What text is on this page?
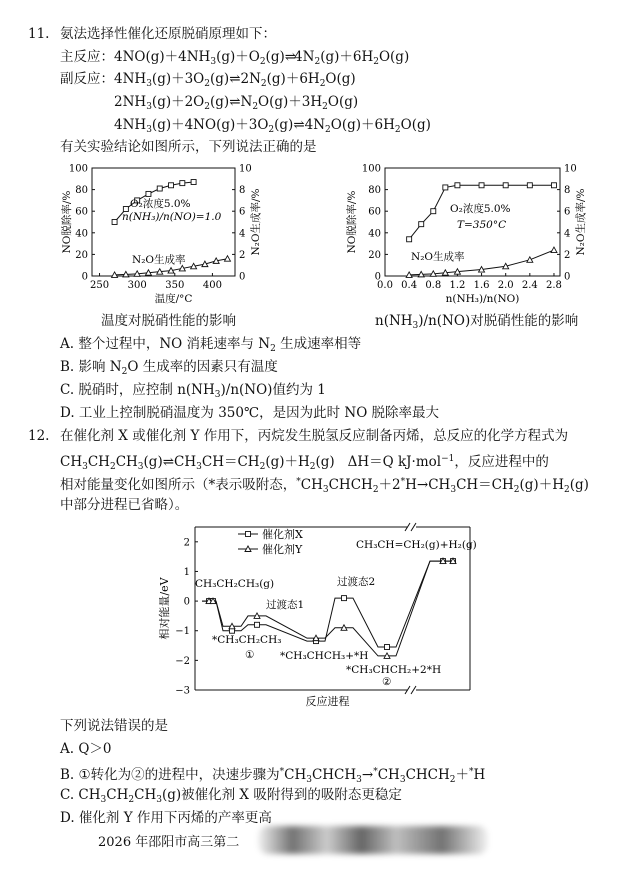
11. 氨法选择性催化还原脱硝原理如下：
主反应：$4NO(g)+4NH_3(g)+O_2(g)\rightleftharpoons 4N_2(g)+6H_2O(g)$
副反应：$4NH_3(g)+3O_2(g)\rightleftharpoons 2N_2(g)+6H_2O(g)$
$2NH_3(g)+2O_2(g)\rightleftharpoons N_2O(g)+3H_2O(g)$
$4NH_3(g)+4NO(g)+3O_2(g)\rightleftharpoons 4N_2O(g)+6H_2O(g)$
有关实验结论如图所示，下列说法正确的是
0
20
40
60
80
100
0
2
4
6
8
10
250 300 350 400
温度/°C
NO脱除率/%	N₂O生成率/%
O₂浓度5.0%
n(NH₃)/n(NO)=1.0
N₂O生成率
温度对脱硝性能的影响
0
20
40
60
80
100
0
2
4
6
8
10
0.0 0.4 0.8 1.2 1.6 2.0 2.4 2.8
n(NH₃)/n(NO)
NO脱除率/%	N₂O生成率/%
O₂浓度5.0%
T=350°C
N₂O生成率
$n(NH_3)/n(NO)$对脱硝性能的影响
A. 整个过程中，NO 消耗速率与 $N_2$ 生成速率相等
B. 影响 $N_2O$ 生成率的因素只有温度
C. 脱硝时，应控制 $n(NH_3)/n(NO)$值约为 1
D. 工业上控制脱硝温度为 350℃，是因为此时 NO 脱除率最大
12. 在催化剂 X 或催化剂 Y 作用下，丙烷发生脱氢反应制备丙烯，总反应的化学方程式为
$CH_3CH_2CH_3(g)\rightleftharpoons CH_3CH=CH_2(g)+H_2(g)$ ΔH＝Q kJ·mol$^{-1}$，反应进程中的
相对能量变化如图所示（*表示吸附态，$^*CH_3CHCH_2+2^*H\to CH_3CH=CH_2(g)+H_2(g)$
中部分进程已省略）。
2
1
0
−1
−2
−3
相对能量/eV
反应进程
催化剂X
催化剂Y
CH₃CH₂CH₃(g)
过渡态1
*CH₃CH₂CH₃
① *CH₃CHCH₃+*H
过渡态2
*CH₃CHCH₂+2*H
②
CH₃CH=CH₂(g)+H₂(g)
下列说法错误的是
A. Q＞0
B. ①转化为②的进程中，决速步骤为$^*CH_3CHCH_3\to^*CH_3CHCH_2+^*H$
C. $CH_3CH_2CH_3(g)$被催化剂 X 吸附得到的吸附态更稳定
D. 催化剂 Y 作用下丙烯的产率更高
2026 年邵阳市高三第二
